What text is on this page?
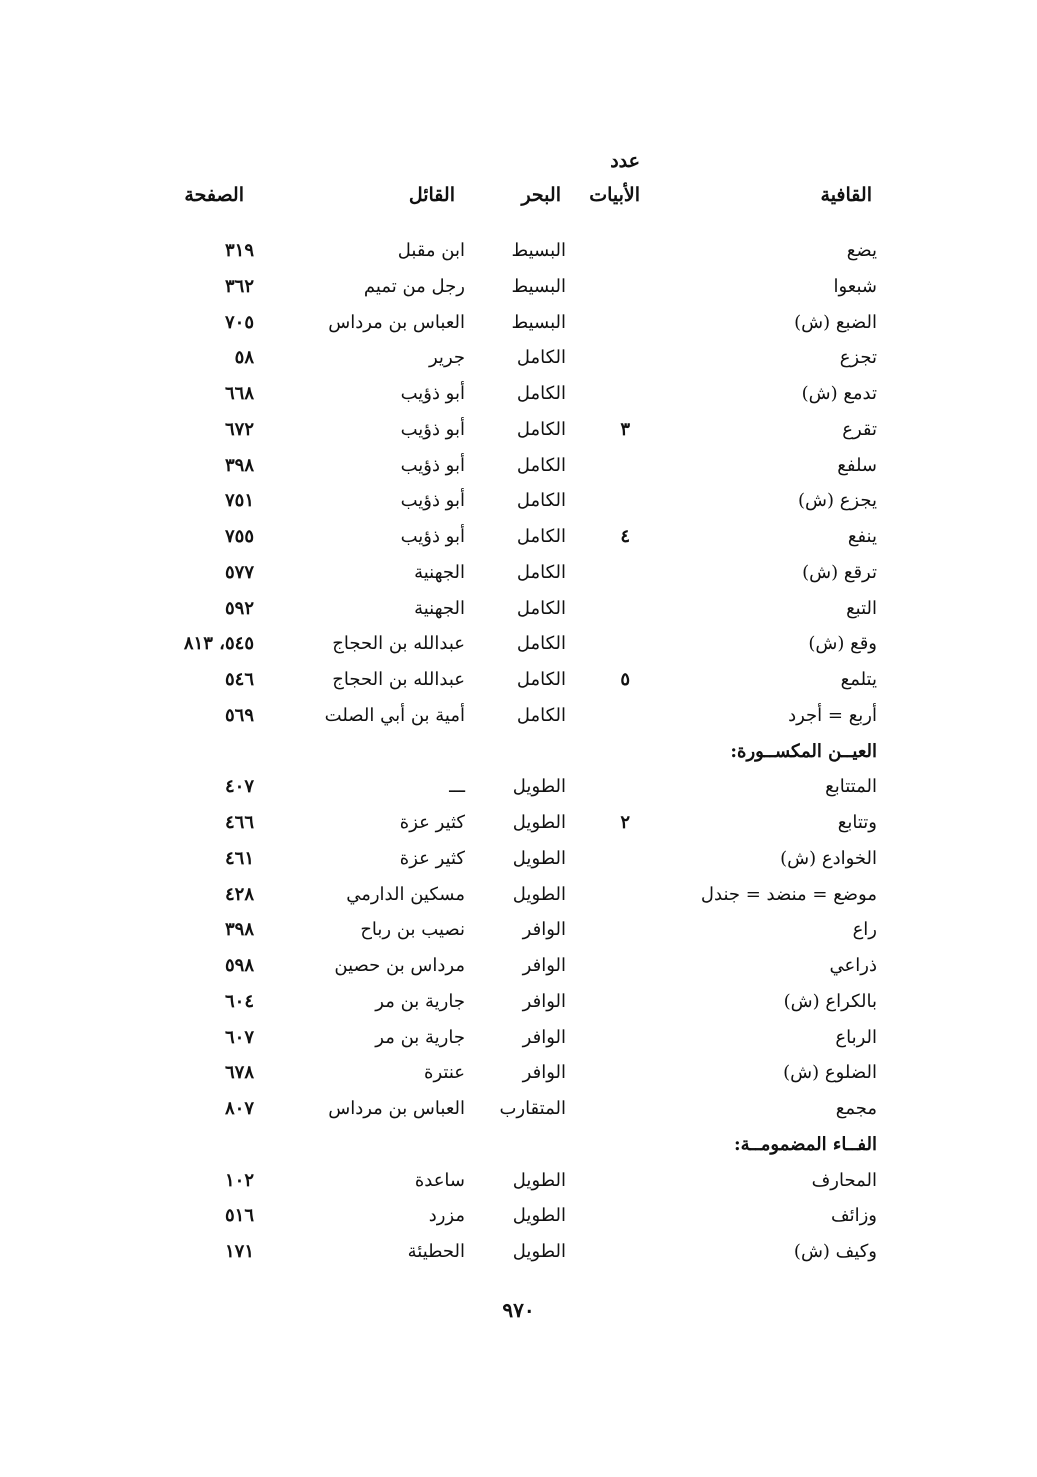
عدد
القافية
الأبيات
البحر
القائل
الصفحة
يضع
البسيط
ابن مقبل
٣١٩
شبعوا
البسيط
رجل من تميم
٣٦٢
الضبع (ش)
البسيط
العباس بن مرداس
٧٠٥
تجزع
الكامل
جرير
٥٨
تدمع (ش)
الكامل
أبو ذؤيب
٦٦٨
تقرع
٣
الكامل
أبو ذؤيب
٦٧٢
سلفع
الكامل
أبو ذؤيب
٣٩٨
يجزع (ش)
الكامل
أبو ذؤيب
٧٥١
ينفع
٤
الكامل
أبو ذؤيب
٧٥٥
ترقع (ش)
الكامل
الجهنية
٥٧٧
التبع
الكامل
الجهنية
٥٩٢
وقع (ش)
الكامل
عبدالله بن الحجاج
٥٤٥، ٨١٣
يتلمع
٥
الكامل
عبدالله بن الحجاج
٥٤٦
أربع = أجرد
الكامل
أمية بن أبي الصلت
٥٦٩
العيــن المكســورة:
المتتابع
الطويل
ـــ
٤٠٧
وتتابع
٢
الطويل
كثير عزة
٤٦٦
الخوادع (ش)
الطويل
كثير عزة
٤٦١
موضع = منضد = جندل
الطويل
مسكين الدارمي
٤٢٨
راع
الوافر
نصيب بن رباح
٣٩٨
ذراعي
الوافر
مرداس بن حصين
٥٩٨
بالكراع (ش)
الوافر
جارية بن مر
٦٠٤
الرباع
الوافر
جارية بن مر
٦٠٧
الضلوع (ش)
الوافر
عنترة
٦٧٨
مجمع
المتقارب
العباس بن مرداس
٨٠٧
الفــاء المضمومــة:
المحارف
الطويل
ساعدة
١٠٢
وزائف
الطويل
مزرد
٥١٦
وكيف (ش)
الطويل
الحطيئة
١٧١
٩٧٠
